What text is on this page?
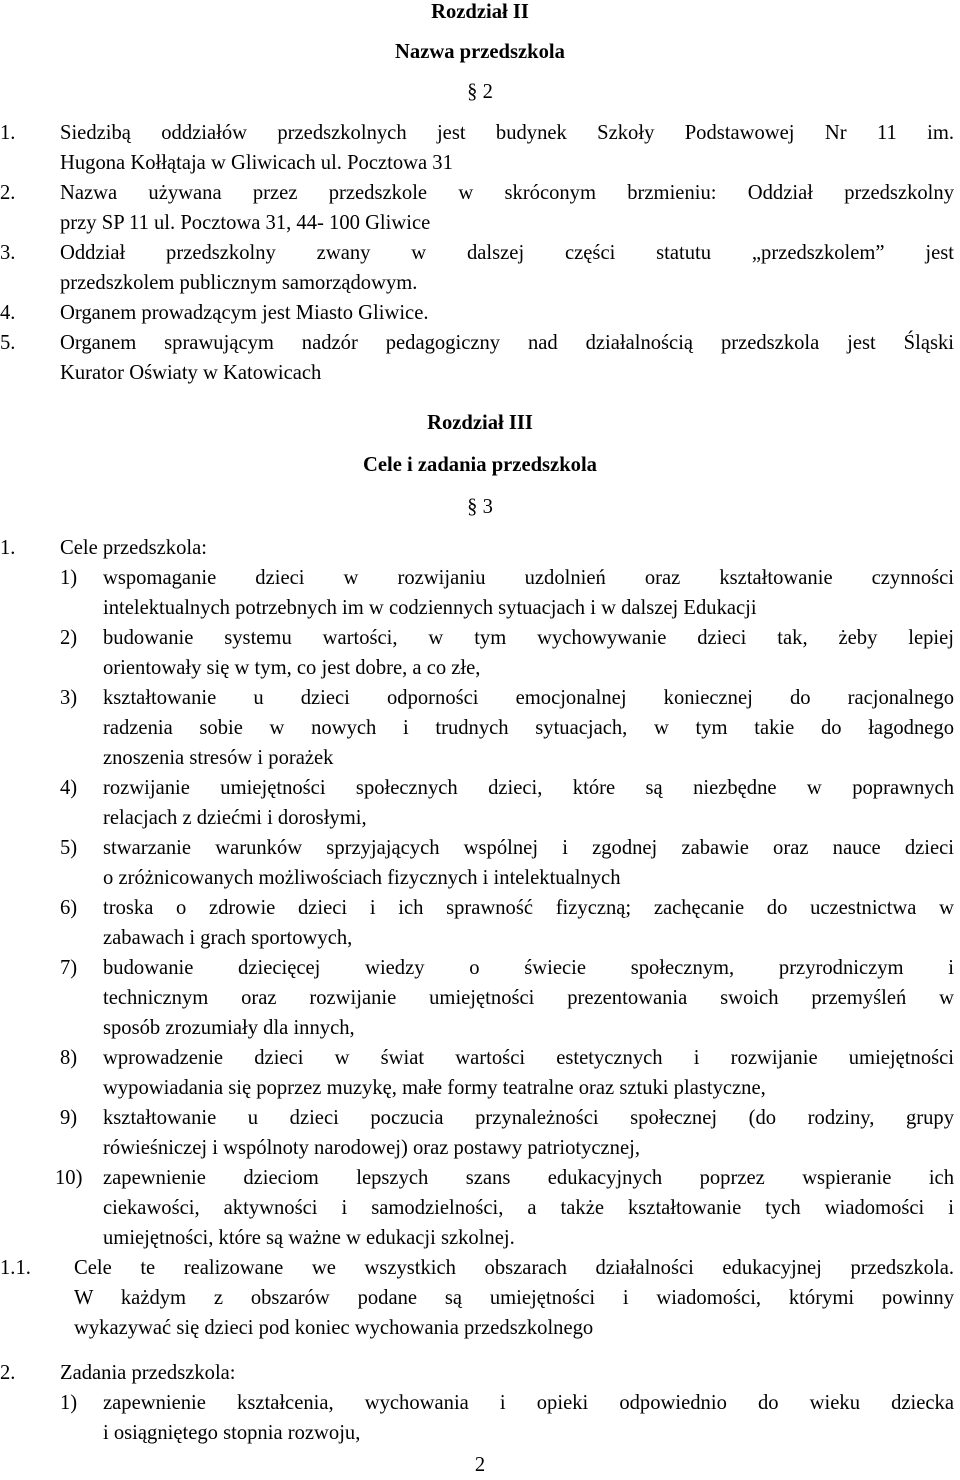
Rozdział II

Nazwa przedszkola

§ 2

1. Siedzibą oddziałów przedszkolnych jest budynek Szkoły Podstawowej Nr 11 im.

Hugona Kołłątaja w Gliwicach ul. Pocztowa 31

2. Nazwa używana przez przedszkole w skróconym brzmieniu: Oddział przedszkolny

przy SP 11 ul. Pocztowa 31, 44- 100 Gliwice

3. Oddział przedszkolny zwany w dalszej części statutu „przedszkolem” jest

przedszkolem publicznym samorządowym.

4. Organem prowadzącym jest Miasto Gliwice.

5. Organem sprawującym nadzór pedagogiczny nad działalnością przedszkola jest Śląski

Kurator Oświaty w Katowicach

Rozdział III

Cele i zadania przedszkola

§ 3

1. Cele przedszkola:

1) wspomaganie dzieci w rozwijaniu uzdolnień oraz kształtowanie czynności

intelektualnych potrzebnych im w codziennych sytuacjach i w dalszej Edukacji

2) budowanie systemu wartości, w tym wychowywanie dzieci tak, żeby lepiej

orientowały się w tym, co jest dobre, a co złe,

3) kształtowanie u dzieci odporności emocjonalnej koniecznej do racjonalnego

radzenia sobie w nowych i trudnych sytuacjach, w tym takie do łagodnego

znoszenia stresów i porażek

4) rozwijanie umiejętności społecznych dzieci, które są niezbędne w poprawnych

relacjach z dziećmi i dorosłymi,

5) stwarzanie warunków sprzyjających wspólnej i zgodnej zabawie oraz nauce dzieci

o zróżnicowanych możliwościach fizycznych i intelektualnych

6) troska o zdrowie dzieci i ich sprawność fizyczną; zachęcanie do uczestnictwa w

zabawach i grach sportowych,

7) budowanie dziecięcej wiedzy o świecie społecznym, przyrodniczym i

technicznym oraz rozwijanie umiejętności prezentowania swoich przemyśleń w

sposób zrozumiały dla innych,

8) wprowadzenie dzieci w świat wartości estetycznych i rozwijanie umiejętności

wypowiadania się poprzez muzykę, małe formy teatralne oraz sztuki plastyczne,

9) kształtowanie u dzieci poczucia przynależności społecznej (do rodziny, grupy

rówieśniczej i wspólnoty narodowej) oraz postawy patriotycznej,

10) zapewnienie dzieciom lepszych szans edukacyjnych poprzez wspieranie ich

ciekawości, aktywności i samodzielności, a także kształtowanie tych wiadomości i

umiejętności, które są ważne w edukacji szkolnej.

1.1. Cele te realizowane we wszystkich obszarach działalności edukacyjnej przedszkola.

W każdym z obszarów podane są umiejętności i wiadomości, którymi powinny

wykazywać się dzieci pod koniec wychowania przedszkolnego

2. Zadania przedszkola:

1) zapewnienie kształcenia, wychowania i opieki odpowiednio do wieku dziecka

i osiągniętego stopnia rozwoju,

2
